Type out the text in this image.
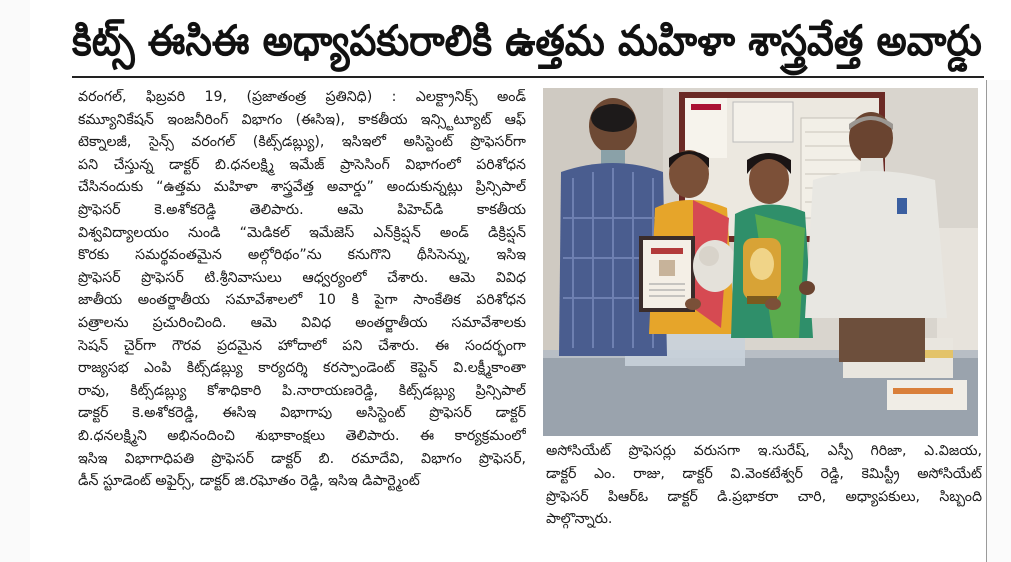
కిట్స్ ఈసిఈ అధ్యాపకురాలికి ఉత్తమ మహిళా శాస్త్రవేత్త అవార్డు
వరంగల్, ఫిబ్రవరి 19, (ప్రజాతంత్ర ప్రతినిధి) : ఎలక్ట్రానిక్స్ అండ్
కమ్యూనికేషన్ ఇంజనీరింగ్ విభాగం (ఈసిఇ), కాకతీయ ఇన్స్టిట్యూట్ ఆఫ్
టెక్నాలజీ, సైన్స్ వరంగల్ (కిట్స్‌డబ్ల్యు), ఇసిఇలో అసిస్టెంట్ ప్రొఫెసర్‌గా
పని చేస్తున్న డాక్టర్ బి.ధనలక్ష్మి ఇమేజ్ ప్రాసెసింగ్ విభాగంలో పరిశోధన
చేసినందుకు “ఉత్తమ మహిళా శాస్త్రవేత్త అవార్డు” అందుకున్నట్లు ప్రిన్సిపాల్
ప్రొఫెసర్ కె.అశోకరెడ్డి తెలిపారు. ఆమె పిహెచ్‌డి కాకతీయ
విశ్వవిద్యాలయం నుండి “మెడికల్ ఇమేజెస్ ఎన్‌క్రిప్షన్ అండ్ డిక్రిప్షన్
కొరకు సమర్థవంతమైన అల్గోరిథం”ను కనుగొని థీసిసెన్ను, ఇసిఇ
ప్రొఫెసర్ ప్రొఫెసర్ టి.శ్రీనివాసులు ఆధ్వర్యంలో చేశారు. ఆమె వివిధ
జాతీయ అంతర్జాతీయ సమావేశాలలో 10 కి పైగా సాంకేతిక పరిశోధన
పత్రాలను ప్రచురించింది. ఆమె వివిధ అంతర్జాతీయ సమావేశాలకు
సెషన్ చైర్‌గా గౌరవ ప్రదమైన హోదాలో పని చేశారు. ఈ సందర్భంగా
రాజ్యసభ ఎంపి కిట్స్‌డబ్ల్యు కార్యదర్శి కరస్పాండెంట్ కెప్టెన్ వి.లక్ష్మీకాంతా
రావు, కిట్స్‌డబ్ల్యు కోశాధికారి పి.నారాయణరెడ్డి, కిట్స్‌డబ్ల్యు ప్రిన్సిపాల్
డాక్టర్ కె.అశోకరెడ్డి, ఈసిఇ విభాగాపు అసిస్టెంట్ ప్రొఫెసర్ డాక్టర్
బి.ధనలక్ష్మిని అభినందించి శుభాకాంక్షలు తెలిపారు. ఈ కార్యక్రమంలో
ఇసిఇ విభాగాధిపతి ప్రొఫెసర్ డాక్టర్ బి. రమాదేవి, విభాగం ప్రొఫెసర్,
డీన్ స్టూడెంట్ అఫైర్స్, డాక్టర్ జి.రఘోతం రెడ్డి, ఇసిఇ డిపార్ట్మెంట్
అసోసియేట్ ప్రొఫెసర్లు వరుసగా ఇ.సురేష్, ఎస్పీ గిరిజా, ఎ.విజయ,
డాక్టర్ ఎం. రాజు, డాక్టర్ వి.వెంకటేశ్వర్ రెడ్డి, కెమిస్ట్రీ అసోసియేట్
ప్రొఫెసర్ పిఆర్‌ఓ డాక్టర్ డి.ప్రభాకరా చారి, అధ్యాపకులు, సిబ్బంది
పాల్గొన్నారు.
